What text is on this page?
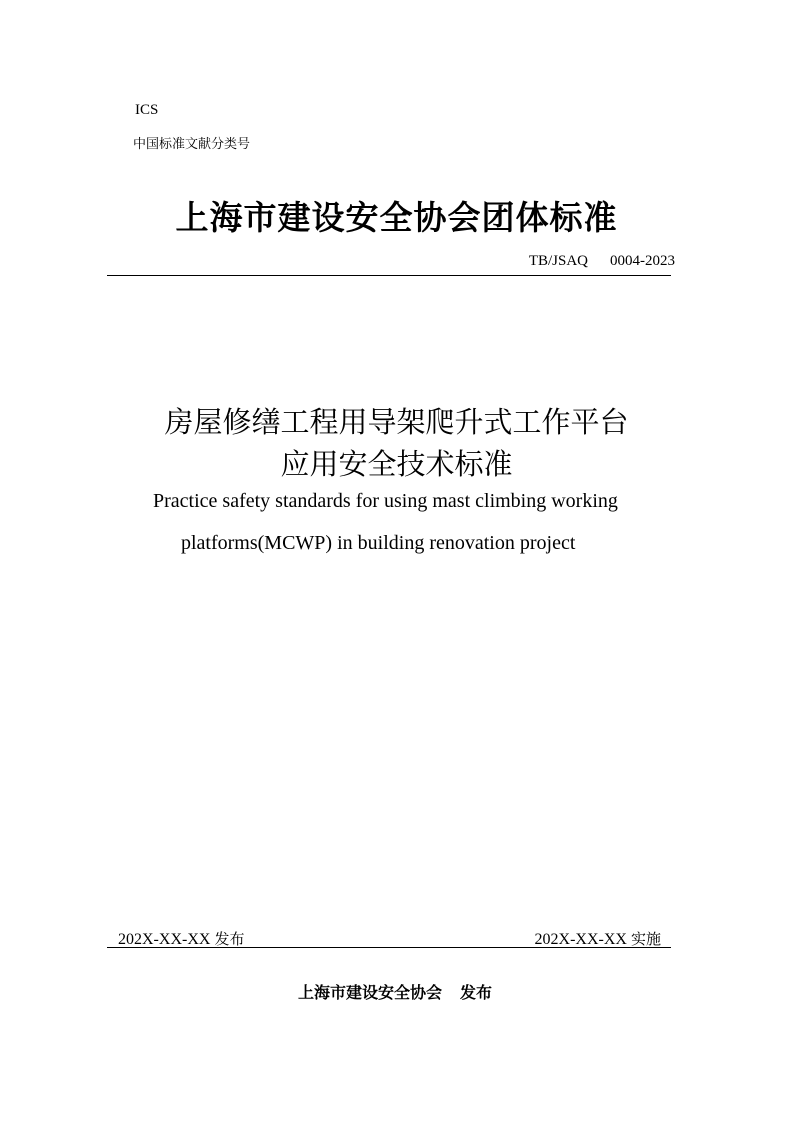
ICS
中国标准文献分类号
上海市建设安全协会团体标准
TB/JSAQ 0004-2023
房屋修缮工程用导架爬升式工作平台
应用安全技术标准
Practice safety standards for using mast climbing working
platforms(MCWP) in building renovation project
202X-XX-XX 发布	202X-XX-XX 实施
上海市建设安全协会 发布
